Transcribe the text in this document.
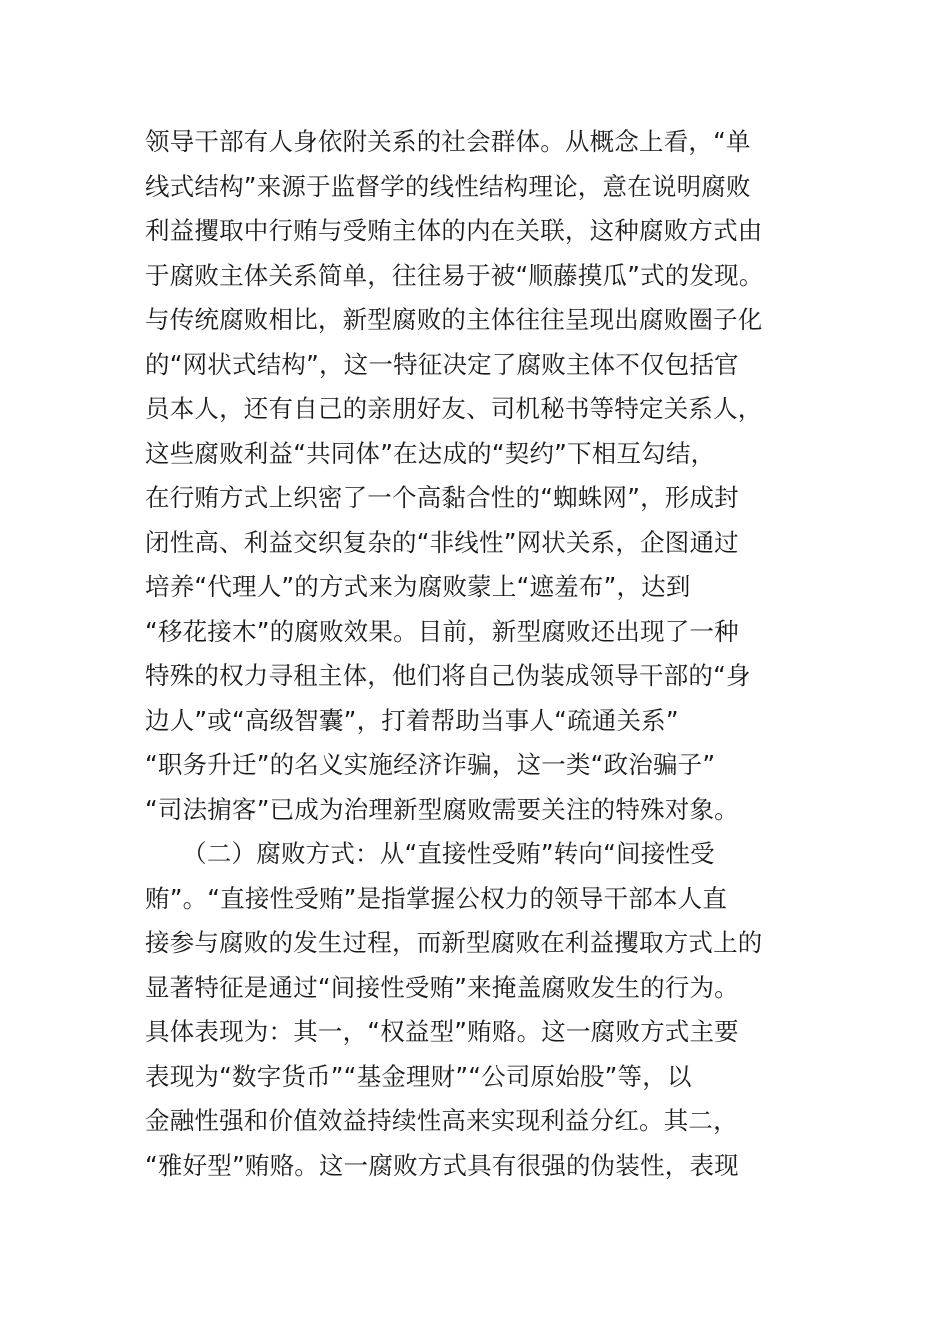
领导干部有人身依附关系的社会群体。从概念上看，“单
线式结构”来源于监督学的线性结构理论，意在说明腐败
利益攫取中行贿与受贿主体的内在关联，这种腐败方式由
于腐败主体关系简单，往往易于被“顺藤摸瓜”式的发现。
与传统腐败相比，新型腐败的主体往往呈现出腐败圈子化
的“网状式结构”，这一特征决定了腐败主体不仅包括官
员本人，还有自己的亲朋好友、司机秘书等特定关系人，
这些腐败利益“共同体”在达成的“契约”下相互勾结，
在行贿方式上织密了一个高黏合性的“蜘蛛网”，形成封
闭性高、利益交织复杂的“非线性”网状关系，企图通过
培养“代理人”的方式来为腐败蒙上“遮羞布”，达到
“移花接木”的腐败效果。目前，新型腐败还出现了一种
特殊的权力寻租主体，他们将自己伪装成领导干部的“身
边人”或“高级智囊”，打着帮助当事人“疏通关系”
“职务升迁”的名义实施经济诈骗，这一类“政治骗子”
“司法掮客”已成为治理新型腐败需要关注的特殊对象。
　　（二）腐败方式：从“直接性受贿”转向“间接性受
贿”。“直接性受贿”是指掌握公权力的领导干部本人直
接参与腐败的发生过程，而新型腐败在利益攫取方式上的
显著特征是通过“间接性受贿”来掩盖腐败发生的行为。
具体表现为：其一，“权益型”贿赂。这一腐败方式主要
表现为“数字货币”“基金理财”“公司原始股”等，以
金融性强和价值效益持续性高来实现利益分红。其二，
“雅好型”贿赂。这一腐败方式具有很强的伪装性，表现
